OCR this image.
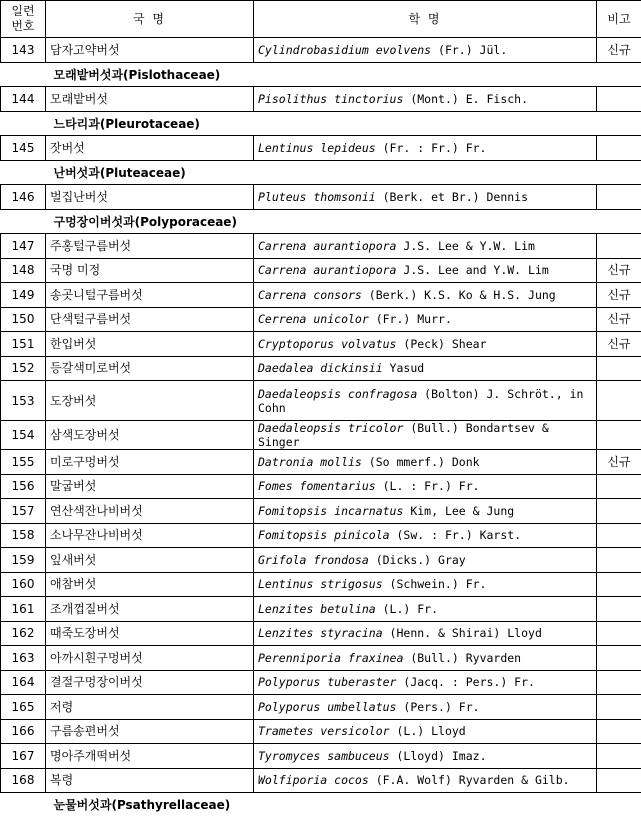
일련
번호	국 명	학 명	비고
143	담자고약버섯	Cylindrobasidium evolvens (Fr.) Jül.	신규
모래밭버섯과(Pislothaceae)			
144	모래밭버섯	Pisolithus tinctorius (Mont.) E. Fisch.	
느타리과(Pleurotaceae)			
145	잣버섯	Lentinus lepideus (Fr. : Fr.) Fr.	
난버섯과(Pluteaceae)			
146	벌집난버섯	Pluteus thomsonii (Berk. et Br.) Dennis	
구멍장이버섯과(Polyporaceae)			
147	주홍털구름버섯	Carrena aurantiopora J.S. Lee & Y.W. Lim	
148	국명 미정	Carrena aurantiopora J.S. Lee and Y.W. Lim	신규
149	송곳니털구름버섯	Carrena consors (Berk.) K.S. Ko & H.S. Jung	신규
150	단색털구름버섯	Cerrena unicolor (Fr.) Murr.	신규
151	한입버섯	Cryptoporus volvatus (Peck) Shear	신규
152	등갈색미로버섯	Daedalea dickinsii Yasud	
153	도장버섯	Daedaleopsis confragosa (Bolton) J. Schröt., in Cohn	
154	삼색도장버섯	Daedaleopsis tricolor (Bull.) Bondartsev & Singer	
155	미로구멍버섯	Datronia mollis (So mmerf.) Donk	신규
156	말굽버섯	Fomes fomentarius (L. : Fr.) Fr.	
157	연산색잔나비버섯	Fomitopsis incarnatus Kim, Lee & Jung	
158	소나무잔나비버섯	Fomitopsis pinicola (Sw. : Fr.) Karst.	
159	잎새버섯	Grifola frondosa (Dicks.) Gray	
160	애참버섯	Lentinus strigosus (Schwein.) Fr.	
161	조개껍질버섯	Lenzites betulina (L.) Fr.	
162	때죽도장버섯	Lenzites styracina (Henn. & Shirai) Lloyd	
163	아까시흰구멍버섯	Perenniporia fraxinea (Bull.) Ryvarden	
164	결절구멍장이버섯	Polyporus tuberaster (Jacq. : Pers.) Fr.	
165	저령	Polyporus umbellatus (Pers.) Fr.	
166	구름송편버섯	Trametes versicolor (L.) Lloyd	
167	명아주개떡버섯	Tyromyces sambuceus (Lloyd) Imaz.	
168	복령	Wolfiporia cocos (F.A. Wolf) Ryvarden & Gilb.	
눈물버섯과(Psathyrellaceae)			
